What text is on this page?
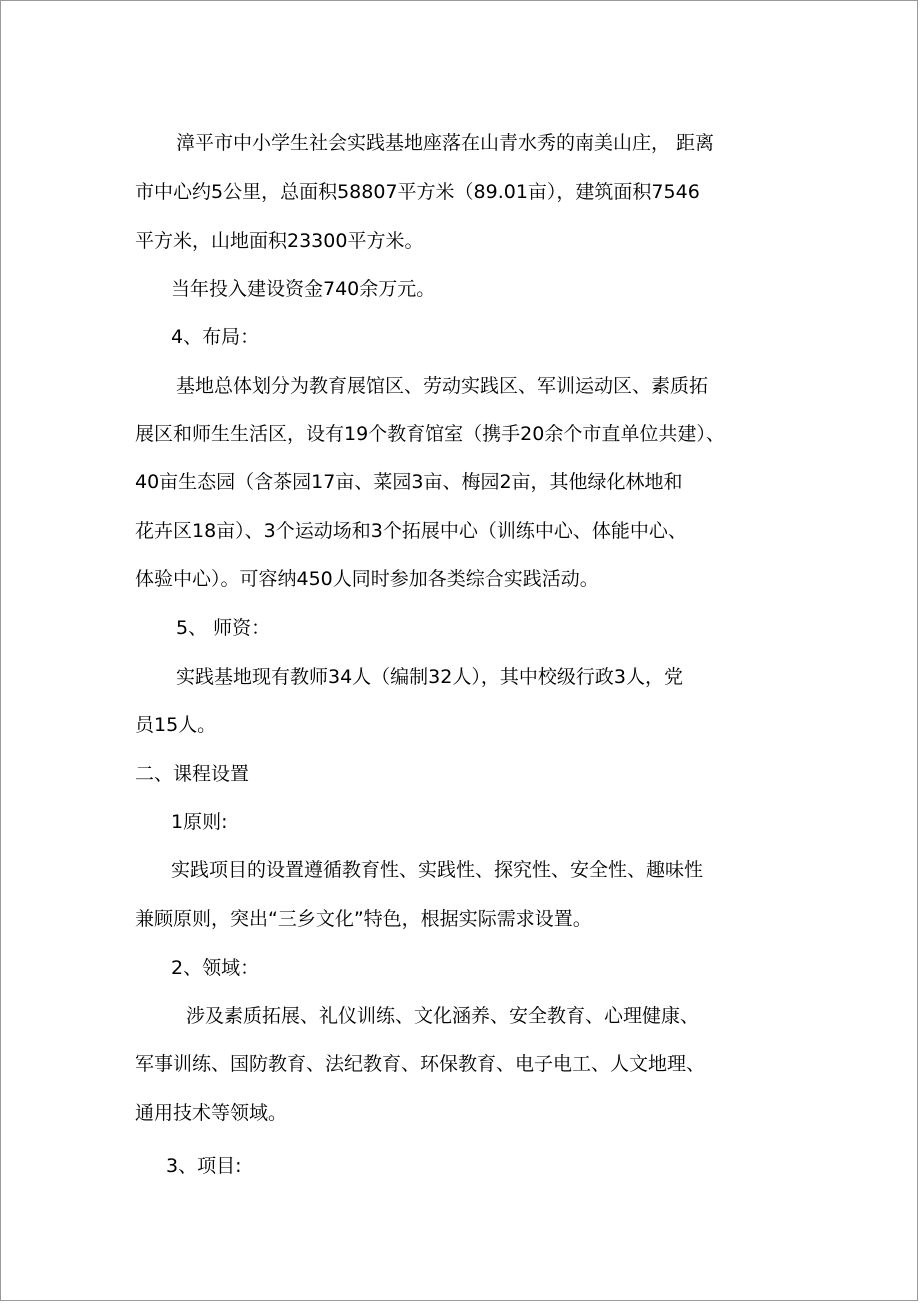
漳平市中小学生社会实践基地座落在山青水秀的南美山庄， 距离
市中心约5公里，总面积58807平方米（89.01亩），建筑面积7546
平方米，山地面积23300平方米。
当年投入建设资金740余万元。
4、布局：
基地总体划分为教育展馆区、劳动实践区、军训运动区、素质拓
展区和师生生活区，设有19个教育馆室（携手20余个市直单位共建）、
40亩生态园（含茶园17亩、菜园3亩、梅园2亩，其他绿化林地和
花卉区18亩）、3个运动场和3个拓展中心（训练中心、体能中心、
体验中心）。可容纳450人同时参加各类综合实践活动。
5、 师资：
实践基地现有教师34人（编制32人），其中校级行政3人，党
员15人。
二、课程设置
1原则:
实践项目的设置遵循教育性、实践性、探究性、安全性、趣味性
兼顾原则，突出“三乡文化”特色，根据实际需求设置。
2、领域：
涉及素质拓展、礼仪训练、文化涵养、安全教育、心理健康、
军事训练、国防教育、法纪教育、环保教育、电子电工、人文地理、
通用技术等领域。
3、项目:
